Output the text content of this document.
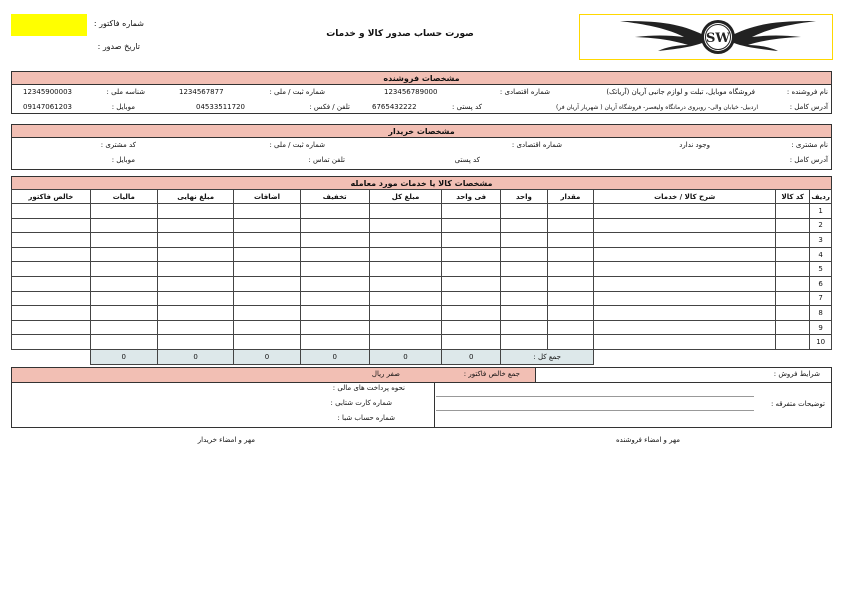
شماره فاکتور :
تاریخ صدور :
صورت حساب صدور کالا و خدمات	SW
مشخصات فروشنده
نام فروشنده :
فروشگاه موبایل، تبلت و لوازم جانبی آریان (آریاتک)
شماره اقتصادی :
123456789000
شماره ثبت / ملی :
1234567877
شناسه ملی :
12345900003
آدرس کامل :
اردبیل- خیابان والی- روبروی درمانگاه ولیعصر- فروشگاه آریان ( شهریار آریان فر)
کد پستی :
6765432222
تلفن / فکس :
04533511720
موبایل :
09147061203
مشخصات خریدار
نام مشتری :
وجود ندارد
شماره اقتصادی :
شماره ثبت / ملی :
کد مشتری :
آدرس کامل :
کد پستی
تلفن تماس :
موبایل :
مشخصات کالا یا خدمات مورد معامله
ردیف	کد کالا	شرح کالا / خدمات	مقدار	واحد	فی واحد	مبلغ کل	تخفیف	اضافات	مبلغ نهایی	مالیات	خالص فاکتور
1											
2											
3											
4											
5											
6											
7											
8											
9											
10											
			جمع کل :		0	0	0	0	0	0	
شرایط فروش :
جمع خالص فاکتور :
صفر ریال
نحوه پرداخت های مالی :
شماره کارت شتابی :
شماره حساب شبا :
توضیحات متفرقه :
مهر و امضاء فروشنده
مهر و امضاء خریدار
